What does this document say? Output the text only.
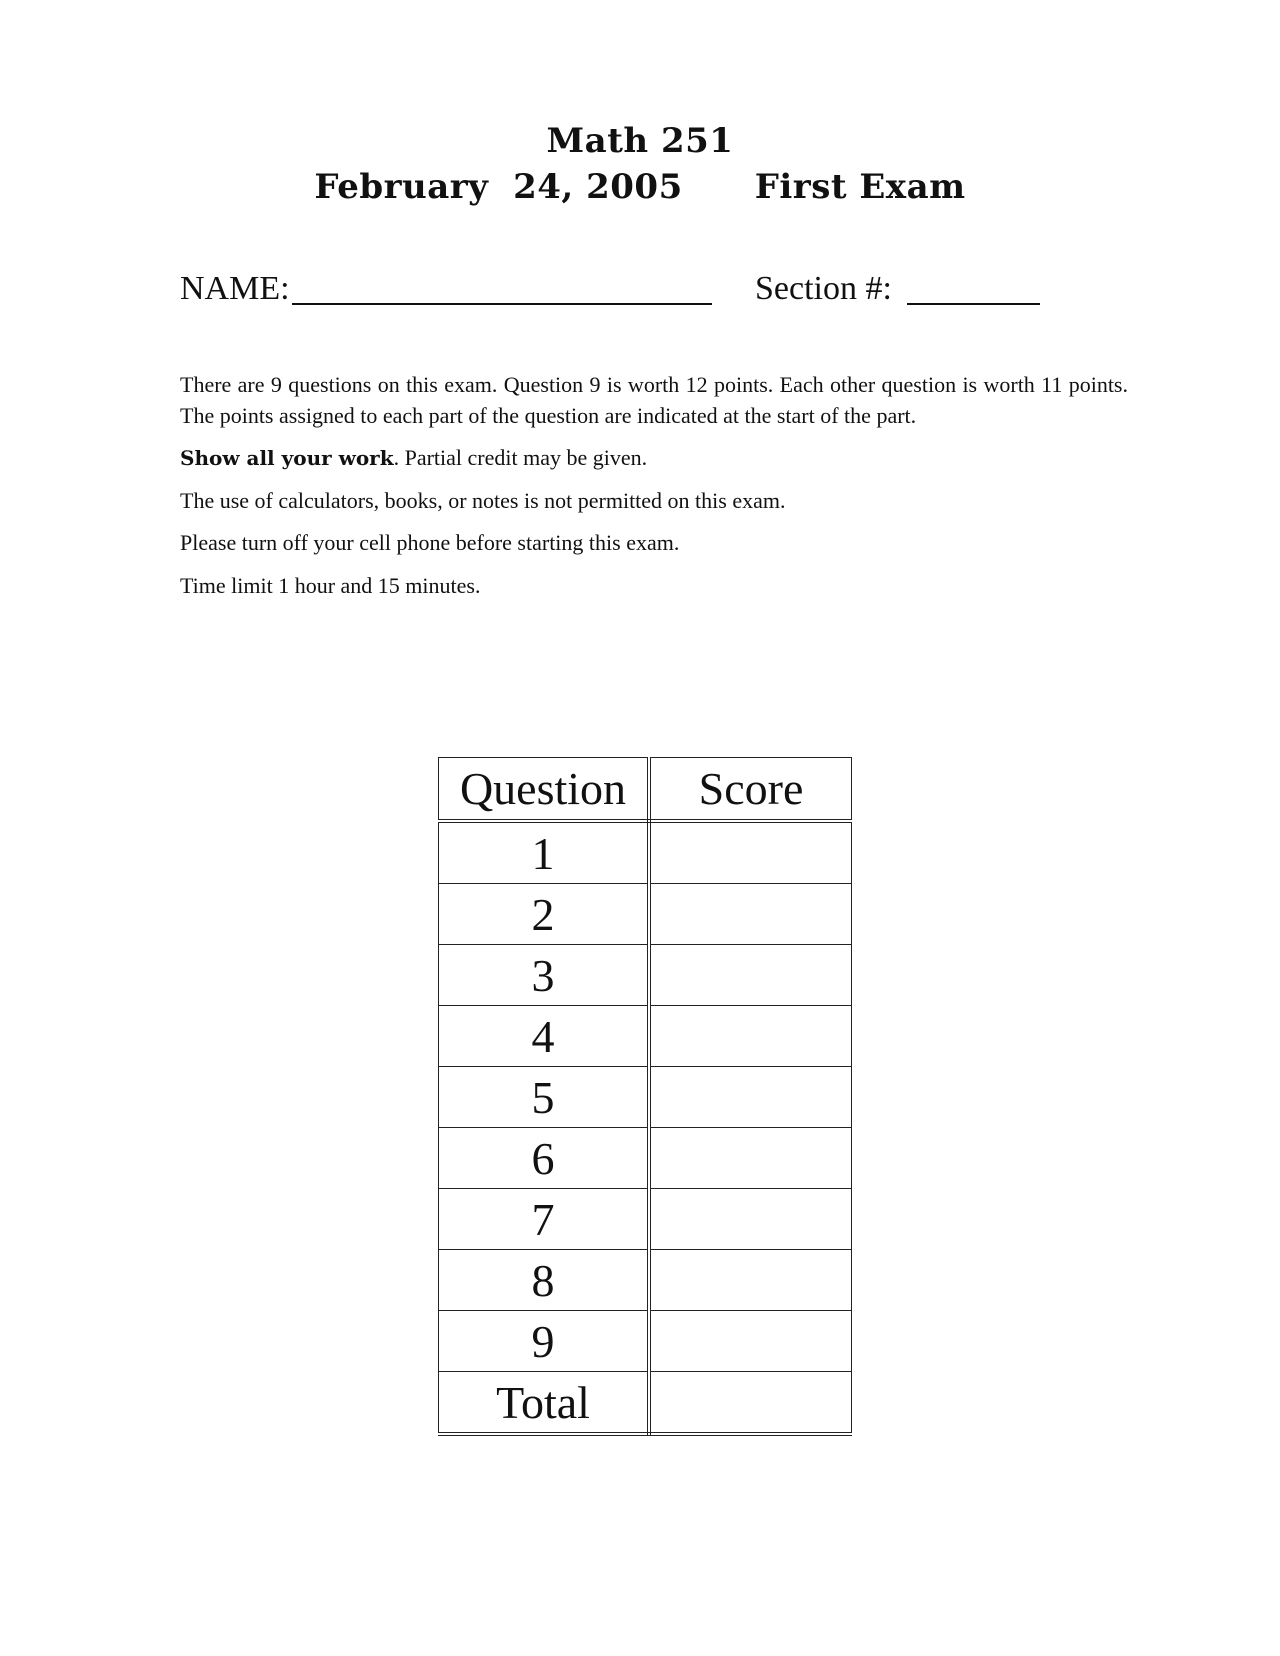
Math 251
February  24, 2005 First Exam
NAME:	Section #:

There are 9 questions on this exam. Question 9 is worth 12 points. Each other question is worth 11 points. The points assigned to each part of the question are indicated at the start of the part.

Show all your work. Partial credit may be given.

The use of calculators, books, or notes is not permitted on this exam.

Please turn off your cell phone before starting this exam.

Time limit 1 hour and 15 minutes.

Question	Score
1	
2	
3	
4	
5	
6	
7	
8	
9	
Total	
